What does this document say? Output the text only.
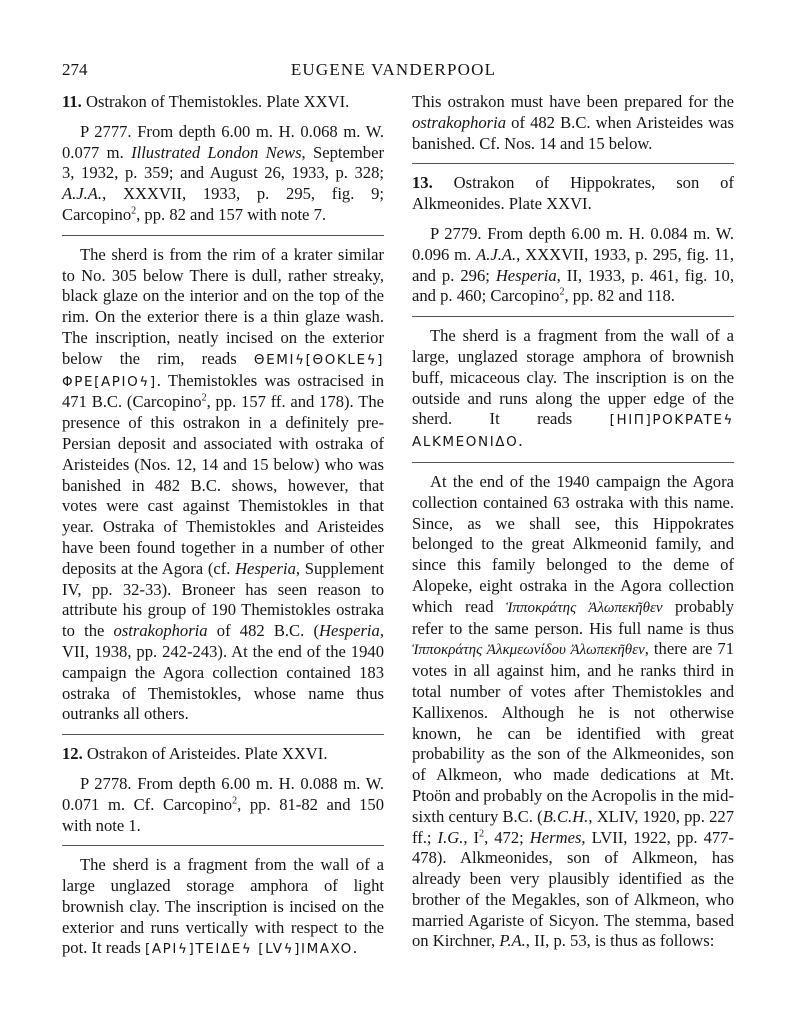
274	EUGENE VANDERPOOL

11. Ostrakon of Themistokles. Plate XXVI.

P 2777. From depth 6.00 m. H. 0.068 m. W. 0.077 m. Illustrated London News, September 3, 1932, p. 359; and August 26, 1933, p. 328; A.J.A., XXXVII, 1933, p. 295, fig. 9; Carcopino$^2$, pp. 82 and 157 with note 7.

The sherd is from the rim of a krater similar to No. 305 below There is dull, rather streaky, black glaze on the interior and on the top of the rim. On the exterior there is a thin glaze wash. The inscription, neatly incised on the exterior below the rim, reads ΘEMIϟ[ΘOKLEϟ] ΦPE[APIOϟ]. Themistokles was ostracised in 471 B.C. (Carcopino$^2$, pp. 157 ff. and 178). The presence of this ostrakon in a definitely pre-Persian deposit and associated with ostraka of Aristeides (Nos. 12, 14 and 15 below) who was banished in 482 B.C. shows, however, that votes were cast against Themistokles in that year. Ostraka of Themistokles and Aristeides have been found together in a number of other deposits at the Agora (cf. Hesperia, Supplement IV, pp. 32-33). Broneer has seen reason to attribute his group of 190 Themistokles ostraka to the ostrakophoria of 482 B.C. (Hesperia, VII, 1938, pp. 242-243). At the end of the 1940 campaign the Agora collection contained 183 ostraka of Themistokles, whose name thus outranks all others.

12. Ostrakon of Aristeides. Plate XXVI.

P 2778. From depth 6.00 m. H. 0.088 m. W. 0.071 m. Cf. Carcopino$^2$, pp. 81-82 and 150 with note 1.

The sherd is a fragment from the wall of a large unglazed storage amphora of light brownish clay. The inscription is incised on the exterior and runs vertically with respect to the pot. It reads [APIϟ]TEIΔEϟ [LVϟ]IMAXO.

This ostrakon must have been prepared for the ostrakophoria of 482 B.C. when Aristeides was banished. Cf. Nos. 14 and 15 below.

13. Ostrakon of Hippokrates, son of Alkmeonides. Plate XXVI.

P 2779. From depth 6.00 m. H. 0.084 m. W. 0.096 m. A.J.A., XXXVII, 1933, p. 295, fig. 11, and p. 296; Hesperia, II, 1933, p. 461, fig. 10, and p. 460; Carcopino$^2$, pp. 82 and 118.

The sherd is a fragment from the wall of a large, unglazed storage amphora of brownish buff, micaceous clay. The inscription is on the outside and runs along the upper edge of the sherd. It reads [HIΠ]POKPATEϟ ALKMEONIΔO.

At the end of the 1940 campaign the Agora collection contained 63 ostraka with this name. Since, as we shall see, this Hippokrates belonged to the great Alkmeonid family, and since this family belonged to the deme of Alopeke, eight ostraka in the Agora collection which read Ἱπποκράτης Ἀλωπεκῆθεν probably refer to the same person. His full name is thus Ἱπποκράτης Ἀλκμεωνίδου Ἀλωπεκῆθεν, there are 71 votes in all against him, and he ranks third in total number of votes after Themistokles and Kallixenos. Although he is not otherwise known, he can be identified with great probability as the son of the Alkmeonides, son of Alkmeon, who made dedications at Mt. Ptoön and probably on the Acropolis in the mid-sixth century B.C. (B.C.H., XLIV, 1920, pp. 227 ff.; I.G., $I^2$, 472; Hermes, LVII, 1922, pp. 477-478). Alkmeonides, son of Alkmeon, has already been very plausibly identified as the brother of the Megakles, son of Alkmeon, who married Agariste of Sicyon. The stemma, based on Kirchner, P.A., II, p. 53, is thus as follows:
